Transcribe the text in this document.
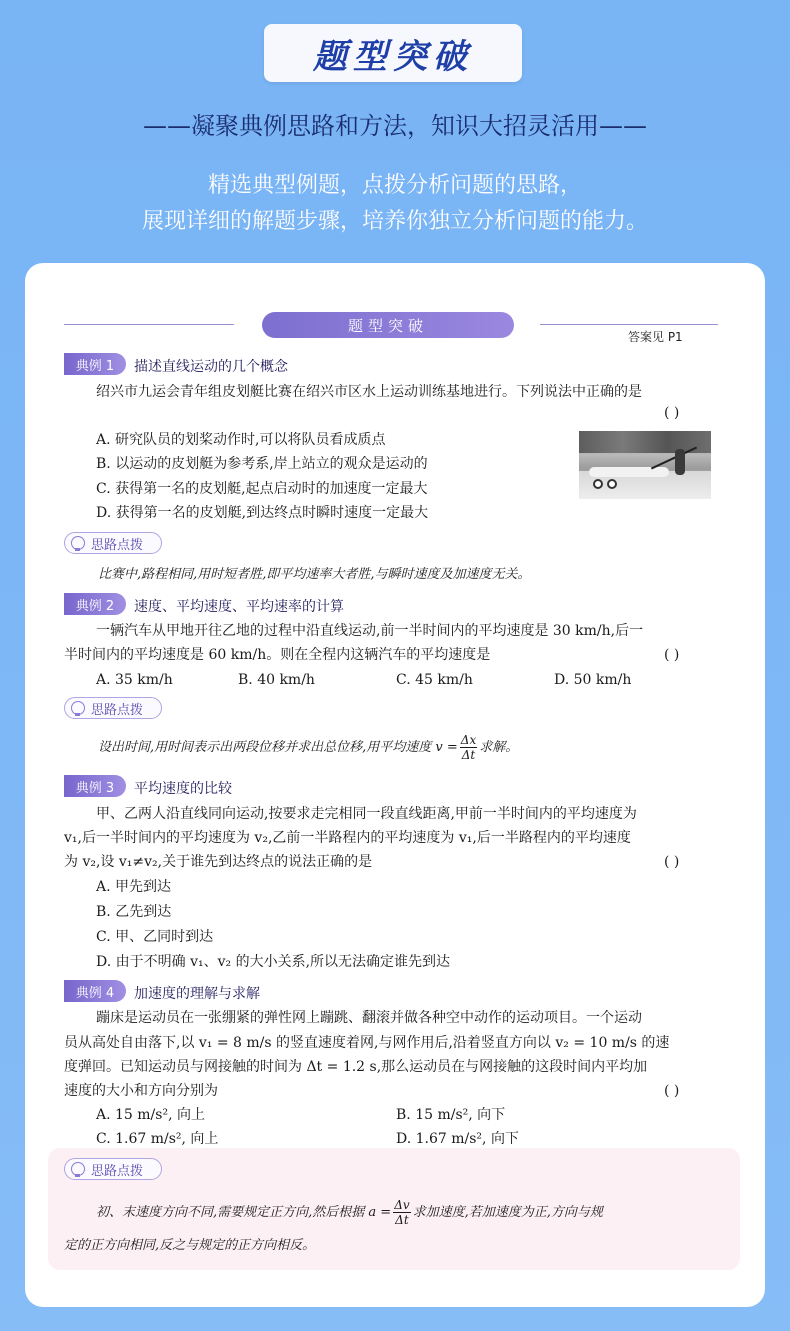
题型突破
——凝聚典例思路和方法，知识大招灵活用——
精选典型例题，点拨分析问题的思路，
展现详细的解题步骤，培养你独立分析问题的能力。
题型突破
答案见 P1
典例 1	描述直线运动的几个概念
绍兴市九运会青年组皮划艇比赛在绍兴市区水上运动训练基地进行。下列说法中正确的是
( )
A. 研究队员的划桨动作时,可以将队员看成质点
B. 以运动的皮划艇为参考系,岸上站立的观众是运动的
C. 获得第一名的皮划艇,起点启动时的加速度一定最大
D. 获得第一名的皮划艇,到达终点时瞬时速度一定最大
思路点拨
比赛中,路程相同,用时短者胜,即平均速率大者胜,与瞬时速度及加速度无关。
典例 2	速度、平均速度、平均速率的计算
一辆汽车从甲地开往乙地的过程中沿直线运动,前一半时间内的平均速度是 30 km/h,后一
半时间内的平均速度是 60 km/h。则在全程内这辆汽车的平均速度是	( )
A. 35 km/h	B. 40 km/h	C. 45 km/h	D. 50 km/h
思路点拨
设出时间,用时间表示出两段位移并求出总位移,用平均速度 $v = \frac{\Delta x}{\Delta t}$ 求解。
典例 3	平均速度的比较
甲、乙两人沿直线同向运动,按要求走完相同一段直线距离,甲前一半时间内的平均速度为
v₁,后一半时间内的平均速度为 v₂,乙前一半路程内的平均速度为 v₁,后一半路程内的平均速度
为 v₂,设 v₁≠v₂,关于谁先到达终点的说法正确的是	( )
A. 甲先到达
B. 乙先到达
C. 甲、乙同时到达
D. 由于不明确 v₁、v₂ 的大小关系,所以无法确定谁先到达
典例 4	加速度的理解与求解
蹦床是运动员在一张绷紧的弹性网上蹦跳、翻滚并做各种空中动作的运动项目。一个运动
员从高处自由落下,以 v₁ = 8 m/s 的竖直速度着网,与网作用后,沿着竖直方向以 v₂ = 10 m/s 的速
度弹回。已知运动员与网接触的时间为 Δt = 1.2 s,那么运动员在与网接触的这段时间内平均加
速度的大小和方向分别为	( )
A. 15 m/s², 向上	B. 15 m/s², 向下
C. 1.67 m/s², 向上	D. 1.67 m/s², 向下
思路点拨
初、末速度方向不同,需要规定正方向,然后根据 $a = \frac{\Delta v}{\Delta t}$ 求加速度,若加速度为正,方向与规
定的正方向相同,反之与规定的正方向相反。
